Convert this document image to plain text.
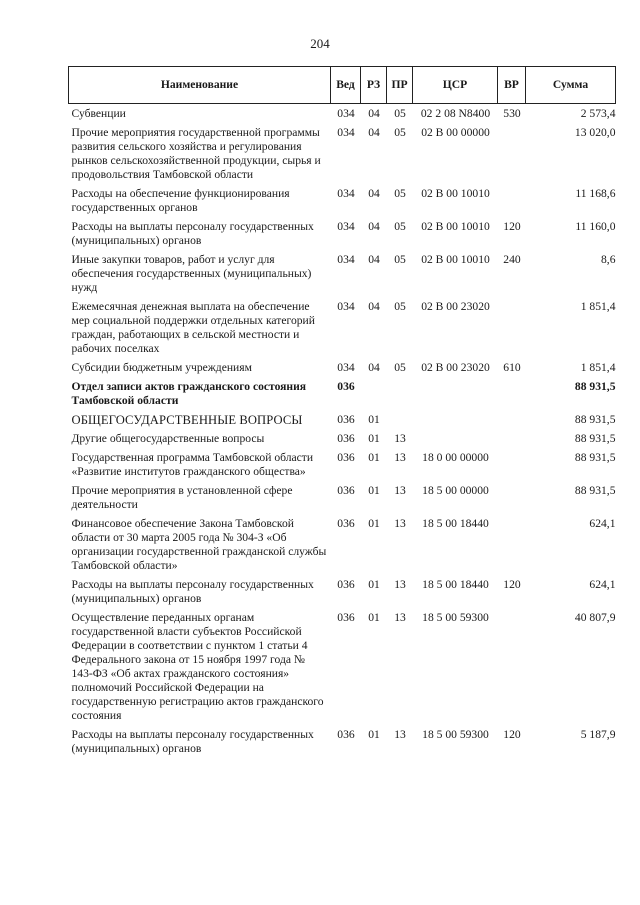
204
Наименование	Вед	РЗ	ПР	ЦСР	ВР	Сумма
Субвенции	034	04	05	02 2 08 N8400	530	2 573,4
Прочие мероприятия государственной программы развития сельского хозяйства и регулирования рынков сельскохозяйственной продукции, сырья и продовольствия Тамбовской области	034	04	05	02 В 00 00000		13 020,0
Расходы на обеспечение функционирования государственных органов	034	04	05	02 В 00 10010		11 168,6
Расходы на выплаты персоналу государственных (муниципальных) органов	034	04	05	02 В 00 10010	120	11 160,0
Иные закупки товаров, работ и услуг для обеспечения государственных (муниципальных) нужд	034	04	05	02 В 00 10010	240	8,6
Ежемесячная денежная выплата на обеспечение мер социальной поддержки отдельных категорий граждан, работающих в сельской местности и рабочих поселках	034	04	05	02 В 00 23020		1 851,4
Субсидии бюджетным учреждениям	034	04	05	02 В 00 23020	610	1 851,4
Отдел записи актов гражданского состояния Тамбовской области	036					88 931,5
ОБЩЕГОСУДАРСТВЕННЫЕ ВОПРОСЫ	036	01				88 931,5
Другие общегосударственные вопросы	036	01	13			88 931,5
Государственная программа Тамбовской области «Развитие институтов гражданского общества»	036	01	13	18 0 00 00000		88 931,5
Прочие мероприятия в установленной сфере деятельности	036	01	13	18 5 00 00000		88 931,5
Финансовое обеспечение Закона Тамбовской области от 30 марта 2005 года № 304-З «Об организации государственной гражданской службы Тамбовской области»	036	01	13	18 5 00 18440		624,1
Расходы на выплаты персоналу государственных (муниципальных) органов	036	01	13	18 5 00 18440	120	624,1
Осуществление переданных органам государственной власти субъектов Российской Федерации в соответствии с пунктом 1 статьи 4 Федерального закона от 15 ноября 1997 года № 143-ФЗ «Об актах гражданского состояния» полномочий Российской Федерации на государственную регистрацию актов гражданского состояния	036	01	13	18 5 00 59300		40 807,9
Расходы на выплаты персоналу государственных (муниципальных) органов	036	01	13	18 5 00 59300	120	5 187,9
